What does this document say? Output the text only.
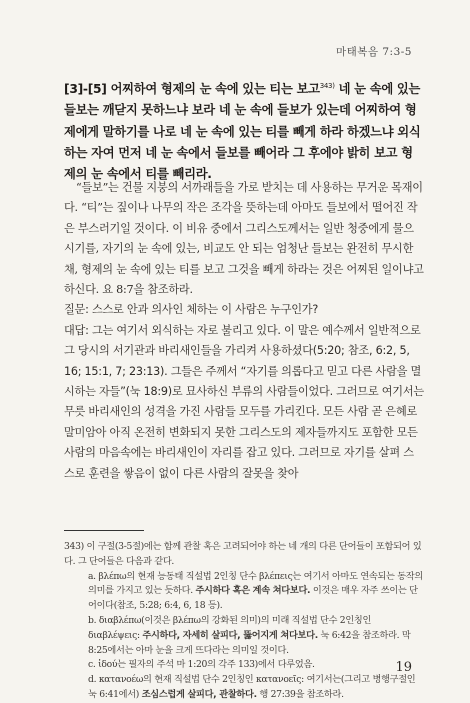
마태복음 7:3-5
[3]-[5] 어찌하여 형제의 눈 속에 있는 티는 보고$^{343)}$ 네 눈 속에 있는 들보는 깨닫지 못하느냐 보라 네 눈 속에 들보가 있는데 어찌하여 형제에게 말하기를 나로 네 눈 속에 있는 티를 빼게 하라 하겠느냐 외식하는 자여 먼저 네 눈 속에서 들보를 빼어라 그 후에야 밝히 보고 형제의 눈 속에서 티를 빼리라.

“들보”는 건물 지붕의 서까래들을 가로 받치는 데 사용하는 무거운 목재이다. “티”는 짚이나 나무의 작은 조각을 뜻하는데 아마도 들보에서 떨어진 작은 부스러기일 것이다. 이 비유 중에서 그리스도께서는 일반 청중에게 물으시기를, 자기의 눈 속에 있는, 비교도 안 되는 엄청난 들보는 완전히 무시한 채, 형제의 눈 속에 있는 티를 보고 그것을 빼게 하라는 것은 어찌된 일이냐고 하신다. 요 8:7을 참조하라.

질문: 스스로 안과 의사인 체하는 이 사람은 누구인가?

대답: 그는 여기서 외식하는 자로 불리고 있다. 이 말은 예수께서 일반적으로 그 당시의 서기관과 바리새인들을 가리켜 사용하셨다(5:20; 참조, 6:2, 5, 16; 15:1, 7; 23:13). 그들은 주께서 “자기를 의롭다고 믿고 다른 사람을 멸시하는 자들”(눅 18:9)로 묘사하신 부류의 사람들이었다. 그러므로 여기서는 무릇 바리새인의 성격을 가진 사람들 모두를 가리킨다. 모든 사람 곧 은혜로 말미암아 아직 온전히 변화되지 못한 그리스도의 제자들까지도 포함한 모든 사람의 마음속에는 바리새인이 자리를 잡고 있다. 그러므로 자기를 살펴 스스로 훈련을 쌓음이 없이 다른 사람의 잘못을 찾아

343) 이 구절(3-5절)에는 함께 관찰 혹은 고려되어야 하는 네 개의 다른 단어들이 포함되어 있다. 그 단어들은 다음과 같다.

a. βλέπω의 현재 능동태 직설법 2인칭 단수 βλέπεις는 여기서 아마도 연속되는 동작의 의미를 가지고 있는 듯하다. 주시하다 혹은 계속 쳐다보다. 이것은 매우 자주 쓰이는 단어이다(참조, 5:28; 6:4, 6, 18 등).

b. διαβλέπω(이것은 βλέπω의 강화된 의미)의 미래 직설법 단수 2인칭인 διαβλέψεις: 주시하다, 자세히 살피다, 뚫어지게 쳐다보다. 눅 6:42을 참조하라. 막 8:25에서는 아마 눈을 크게 뜨다라는 의미일 것이다.

c. ἰδού는 필자의 주석 마 1:20의 각주 133)에서 다루었음.

d. κατανοέω의 현재 직설법 단수 2인칭인 κατανοεῖς: 여기서는(그리고 병행구절인 눅 6:41에서) 조심스럽게 살피다, 관찰하다. 행 27:39을 참조하라.

19
